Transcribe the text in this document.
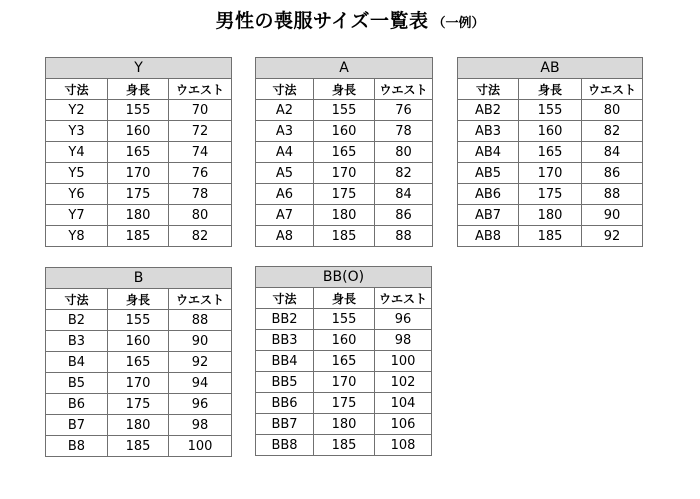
男性の喪服サイズ一覧表 （一例）
Y		
寸法	身長	ウエスト
Y2	155	70
Y3	160	72
Y4	165	74
Y5	170	76
Y6	175	78
Y7	180	80
Y8	185	82
A		
寸法	身長	ウエスト
A2	155	76
A3	160	78
A4	165	80
A5	170	82
A6	175	84
A7	180	86
A8	185	88
AB		
寸法	身長	ウエスト
AB2	155	80
AB3	160	82
AB4	165	84
AB5	170	86
AB6	175	88
AB7	180	90
AB8	185	92
B		
寸法	身長	ウエスト
B2	155	88
B3	160	90
B4	165	92
B5	170	94
B6	175	96
B7	180	98
B8	185	100
BB(O)		
寸法	身長	ウエスト
BB2	155	96
BB3	160	98
BB4	165	100
BB5	170	102
BB6	175	104
BB7	180	106
BB8	185	108
